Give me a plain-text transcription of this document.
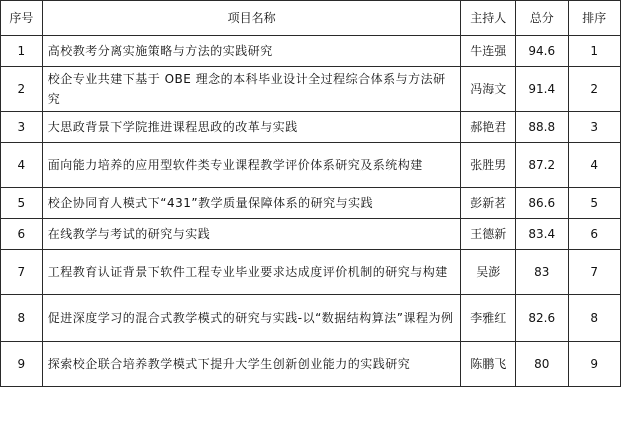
序号	项目名称	主持人	总分	排序
1	高校教考分离实施策略与方法的实践研究	牛连强	94.6	1
2	校企专业共建下基于 OBE 理念的本科毕业设计全过程综合体系与方法研究	冯海文	91.4	2
3	大思政背景下学院推进课程思政的改革与实践	郝艳君	88.8	3
4	面向能力培养的应用型软件类专业课程教学评价体系研究及系统构建	张胜男	87.2	4
5	校企协同育人模式下“431”教学质量保障体系的研究与实践	彭新茗	86.6	5
6	在线教学与考试的研究与实践	王德新	83.4	6
7	工程教育认证背景下软件工程专业毕业要求达成度评价机制的研究与构建	吴澎	83	7
8	促进深度学习的混合式教学模式的研究与实践-以“数据结构算法”课程为例	李雅红	82.6	8
9	探索校企联合培养教学模式下提升大学生创新创业能力的实践研究	陈鹏飞	80	9
